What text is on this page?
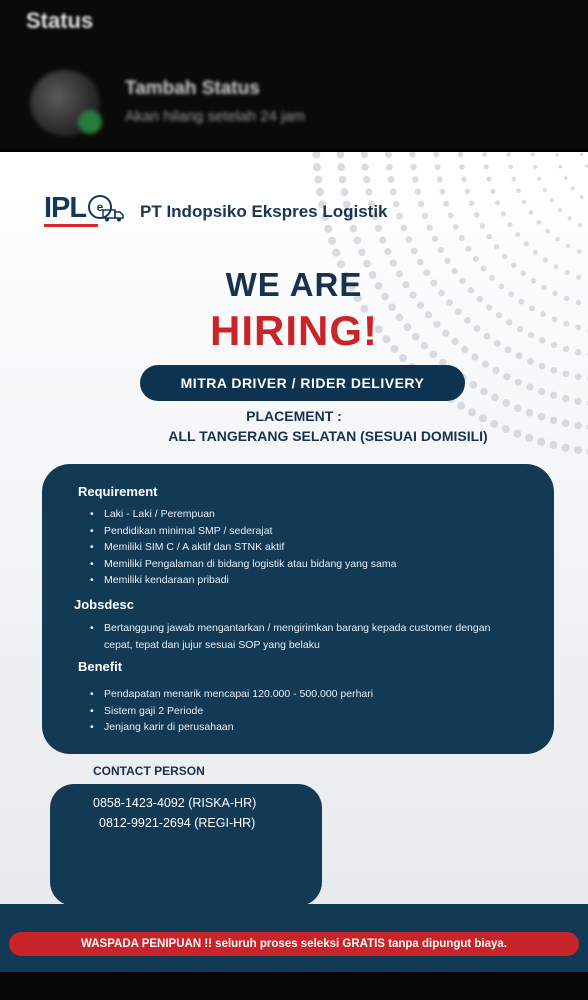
Status
Tambah Status
Akan hilang setelah 24 jam
IPL e	PT Indopsiko Ekspres Logistik
WE ARE
HIRING!
MITRA DRIVER / RIDER DELIVERY
PLACEMENT :
ALL TANGERANG SELATAN (SESUAI DOMISILI)
Requirement
• Laki - Laki / Perempuan
• Pendidikan minimal SMP / sederajat
• Memiliki SIM C / A aktif dan STNK aktif
• Memiliki Pengalaman di bidang logistik atau bidang yang sama
• Memiliki kendaraan pribadi
Jobsdesc
• Bertanggung jawab mengantarkan / mengirimkan barang kepada customer dengan cepat, tepat dan jujur sesuai SOP yang belaku
Benefit
• Pendapatan menarik mencapai 120.000 - 500.000 perhari
• Sistem gaji 2 Periode
• Jenjang karir di perusahaan
CONTACT PERSON
0858-1423-4092 (RISKA-HR)
0812-9921-2694 (REGI-HR)
WASPADA PENIPUAN !! seluruh proses seleksi GRATIS tanpa dipungut biaya.
